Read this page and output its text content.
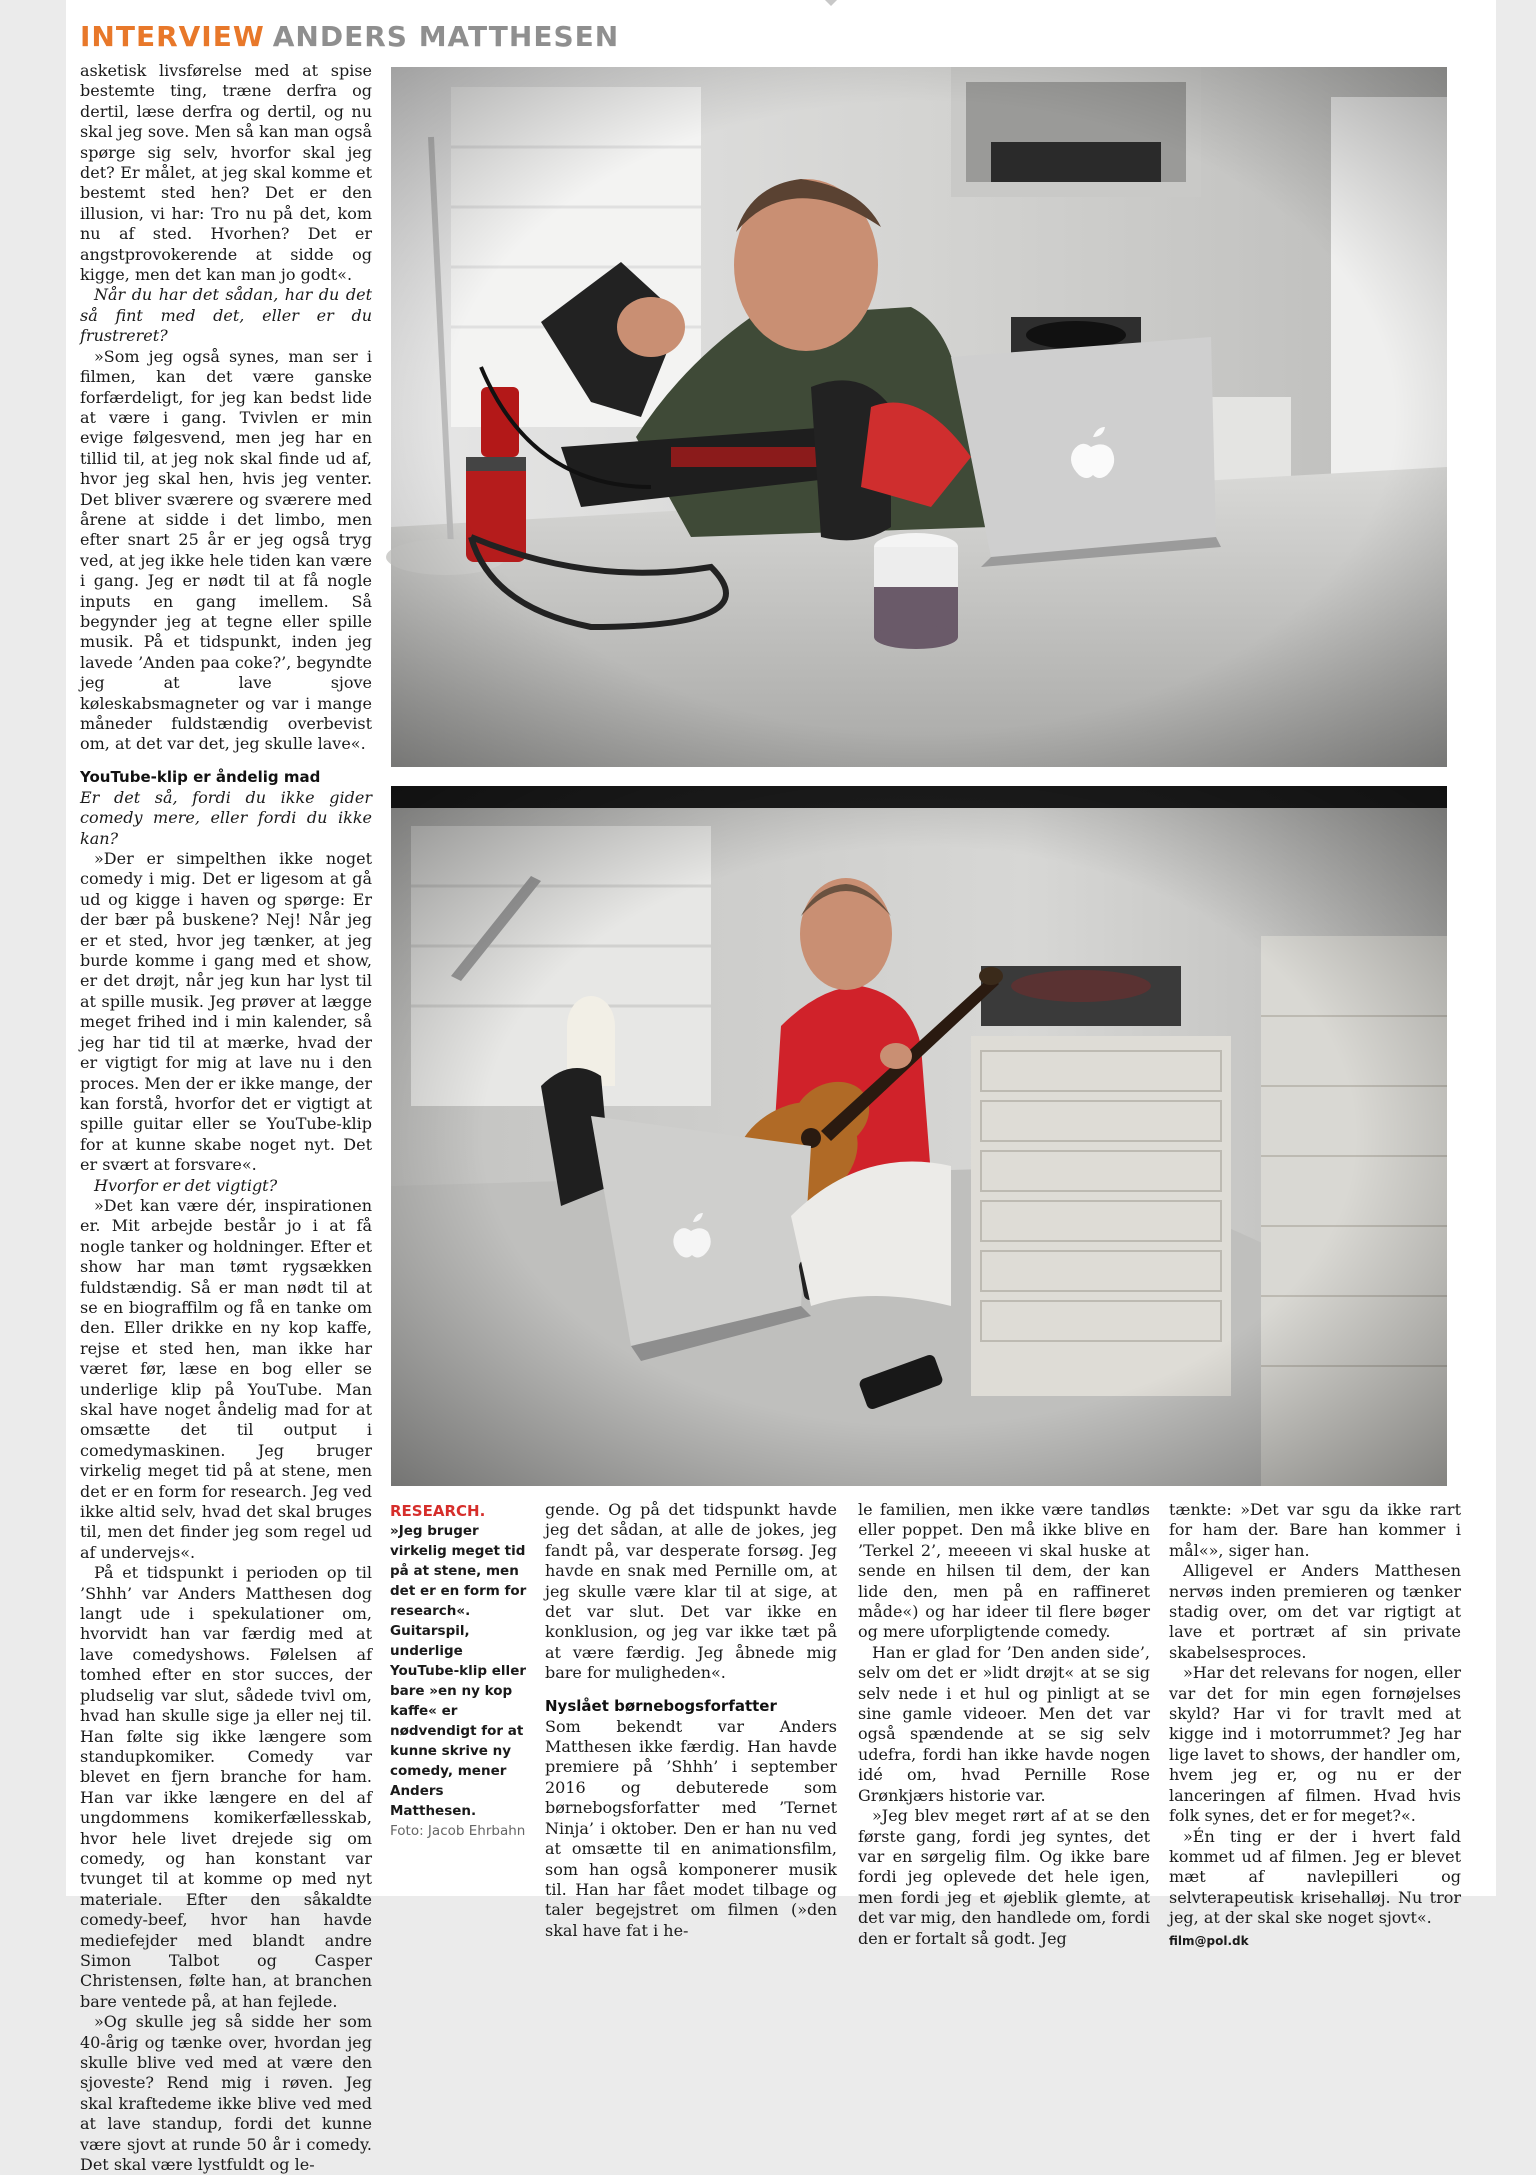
INTERVIEW ANDERS MATTHESEN

asketisk livsførelse med at spise bestemte ting, træne derfra og dertil, læse derfra og dertil, og nu skal jeg sove. Men så kan man også spørge sig selv, hvorfor skal jeg det? Er målet, at jeg skal komme et bestemt sted hen? Det er den illusion, vi har: Tro nu på det, kom nu af sted. Hvorhen? Det er angstprovokerende at sidde og kigge, men det kan man jo godt«.

Når du har det sådan, har du det så fint med det, eller er du frustreret?

»Som jeg også synes, man ser i filmen, kan det være ganske forfærdeligt, for jeg kan bedst lide at være i gang. Tvivlen er min evige følgesvend, men jeg har en tillid til, at jeg nok skal finde ud af, hvor jeg skal hen, hvis jeg venter. Det bliver sværere og sværere med årene at sidde i det limbo, men efter snart 25 år er jeg også tryg ved, at jeg ikke hele tiden kan være i gang. Jeg er nødt til at få nogle inputs en gang imellem. Så begynder jeg at tegne eller spille musik. På et tidspunkt, inden jeg lavede ’Anden paa coke?’, begyndte jeg at lave sjove køleskabsmagneter og var i mange måneder fuldstændig overbevist om, at det var det, jeg skulle lave«.

YouTube-klip er åndelig mad

Er det så, fordi du ikke gider comedy mere, eller fordi du ikke kan?

»Der er simpelthen ikke noget comedy i mig. Det er ligesom at gå ud og kigge i haven og spørge: Er der bær på buskene? Nej! Når jeg er et sted, hvor jeg tænker, at jeg burde komme i gang med et show, er det drøjt, når jeg kun har lyst til at spille musik. Jeg prøver at lægge meget frihed ind i min kalender, så jeg har tid til at mærke, hvad der er vigtigt for mig at lave nu i den proces. Men der er ikke mange, der kan forstå, hvorfor det er vigtigt at spille guitar eller se YouTube-klip for at kunne skabe noget nyt. Det er svært at forsvare«.

Hvorfor er det vigtigt?

»Det kan være dér, inspirationen er. Mit arbejde består jo i at få nogle tanker og holdninger. Efter et show har man tømt rygsækken fuldstændig. Så er man nødt til at se en biograffilm og få en tanke om den. Eller drikke en ny kop kaffe, rejse et sted hen, man ikke har været før, læse en bog eller se underlige klip på YouTube. Man skal have noget åndelig mad for at omsætte det til output i comedymaskinen. Jeg bruger virkelig meget tid på at stene, men det er en form for research. Jeg ved ikke altid selv, hvad det skal bruges til, men det finder jeg som regel ud af undervejs«.

På et tidspunkt i perioden op til ’Shhh’ var Anders Matthesen dog langt ude i spekulationer om, hvorvidt han var færdig med at lave comedyshows. Følelsen af tomhed efter en stor succes, der pludselig var slut, sådede tvivl om, hvad han skulle sige ja eller nej til. Han følte sig ikke længere som standupkomiker. Comedy var blevet en fjern branche for ham. Han var ikke længere en del af ungdommens komikerfællesskab, hvor hele livet drejede sig om comedy, og han konstant var tvunget til at komme op med nyt materiale. Efter den såkaldte comedy-beef, hvor han havde mediefejder med blandt andre Simon Talbot og Casper Christensen, følte han, at branchen bare ventede på, at han fejlede.

»Og skulle jeg så sidde her som 40-årig og tænke over, hvordan jeg skulle blive ved med at være den sjoveste? Rend mig i røven. Jeg skal kraftedeme ikke blive ved med at lave standup, fordi det kunne være sjovt at runde 50 år i comedy. Det skal være lystfuldt og le-

RESEARCH.
»Jeg bruger virkelig meget tid på at stene, men det er en form for research«. Guitarspil, underlige YouTube-klip eller bare »en ny kop kaffe« er nødvendigt for at kunne skrive ny comedy, mener Anders Matthesen.
Foto: Jacob Ehrbahn

gende. Og på det tidspunkt havde jeg det sådan, at alle de jokes, jeg fandt på, var desperate forsøg. Jeg havde en snak med Pernille om, at jeg skulle være klar til at sige, at det var slut. Det var ikke en konklusion, og jeg var ikke tæt på at være færdig. Jeg åbnede mig bare for muligheden«.

Nyslået børnebogsforfatter

Som bekendt var Anders Matthesen ikke færdig. Han havde premiere på ’Shhh’ i september 2016 og debuterede som børnebogsforfatter med ’Ternet Ninja’ i oktober. Den er han nu ved at omsætte til en animationsfilm, som han også komponerer musik til. Han har fået modet tilbage og taler begejstret om filmen (»den skal have fat i he-

le familien, men ikke være tandløs eller poppet. Den må ikke blive en ’Terkel 2’, meeeen vi skal huske at sende en hilsen til dem, der kan lide den, men på en raffineret måde«) og har ideer til flere bøger og mere uforpligtende comedy.

Han er glad for ’Den anden side’, selv om det er »lidt drøjt« at se sig selv nede i et hul og pinligt at se sine gamle videoer. Men det var også spændende at se sig selv udefra, fordi han ikke havde nogen idé om, hvad Pernille Rose Grønkjærs historie var.

»Jeg blev meget rørt af at se den første gang, fordi jeg syntes, det var en sørgelig film. Og ikke bare fordi jeg oplevede det hele igen, men fordi jeg et øjeblik glemte, at det var mig, den handlede om, fordi den er fortalt så godt. Jeg

tænkte: »Det var sgu da ikke rart for ham der. Bare han kommer i mål«», siger han.

Alligevel er Anders Matthesen nervøs inden premieren og tænker stadig over, om det var rigtigt at lave et portræt af sin private skabelsesproces.

»Har det relevans for nogen, eller var det for min egen fornøjelses skyld? Har vi for travlt med at kigge ind i motorrummet? Jeg har lige lavet to shows, der handler om, hvem jeg er, og nu er der lanceringen af filmen. Hvad hvis folk synes, det er for meget?«.

»Én ting er der i hvert fald kommet ud af filmen. Jeg er blevet mæt af navlepilleri og selvterapeutisk krisehalløj. Nu tror jeg, at der skal ske noget sjovt«.

film@pol.dk
